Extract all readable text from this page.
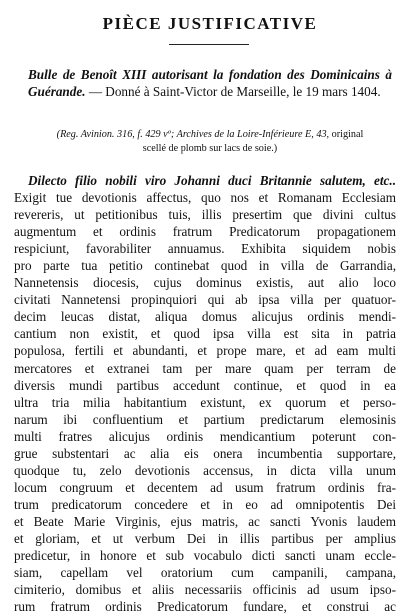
PIÈCE JUSTIFICATIVE
Bulle de Benoît XIII autorisant la fondation des Dominicains à Guérande. — Donné à Saint-Victor de Marseille, le 19 mars 1404.
(Reg. Avinion. 316, f. 429 vº; Archives de la Loire-Inférieure E, 43, original
scellé de plomb sur lacs de soie.)
Dilecto filio nobili viro Johanni duci Britannie salutem, etc..
Exigit tue devotionis affectus, quo nos et Romanam Ecclesiam
revereris, ut petitionibus tuis, illis presertim que divini cultus
augmentum et ordinis fratrum Predicatorum propagationem
respiciunt, favorabiliter annuamus. Exhibita siquidem nobis
pro parte tua petitio continebat quod in villa de Garrandia,
Nannetensis diocesis, cujus dominus existis, aut alio loco
civitati Nannetensi propinquiori qui ab ipsa villa per quatuor-
decim leucas distat, aliqua domus alicujus ordinis mendi-
cantium non existit, et quod ipsa villa est sita in patria
populosa, fertili et abundanti, et prope mare, et ad eam multi
mercatores et extranei tam per mare quam per terram de
diversis mundi partibus accedunt continue, et quod in ea
ultra tria milia habitantium existunt, ex quorum et perso-
narum ibi confluentium et partium predictarum elemosinis
multi fratres alicujus ordinis mendicantium poterunt con-
grue substentari ac alia eis onera incumbentia supportare,
quodque tu, zelo devotionis accensus, in dicta villa unum
locum congruum et decentem ad usum fratrum ordinis fra-
trum predicatorum concedere et in eo ad omnipotentis Dei
et Beate Marie Virginis, ejus matris, ac sancti Yvonis laudem
et gloriam, et ut verbum Dei in illis partibus per amplius
predicetur, in honore et sub vocabulo dicti sancti unam eccle-
siam, capellam vel oratorium cum campanili, campana,
cimiterio, domibus et aliis necessariis officinis ad usum ipso-
rum fratrum ordinis Predicatorum fundare, et construi ac
